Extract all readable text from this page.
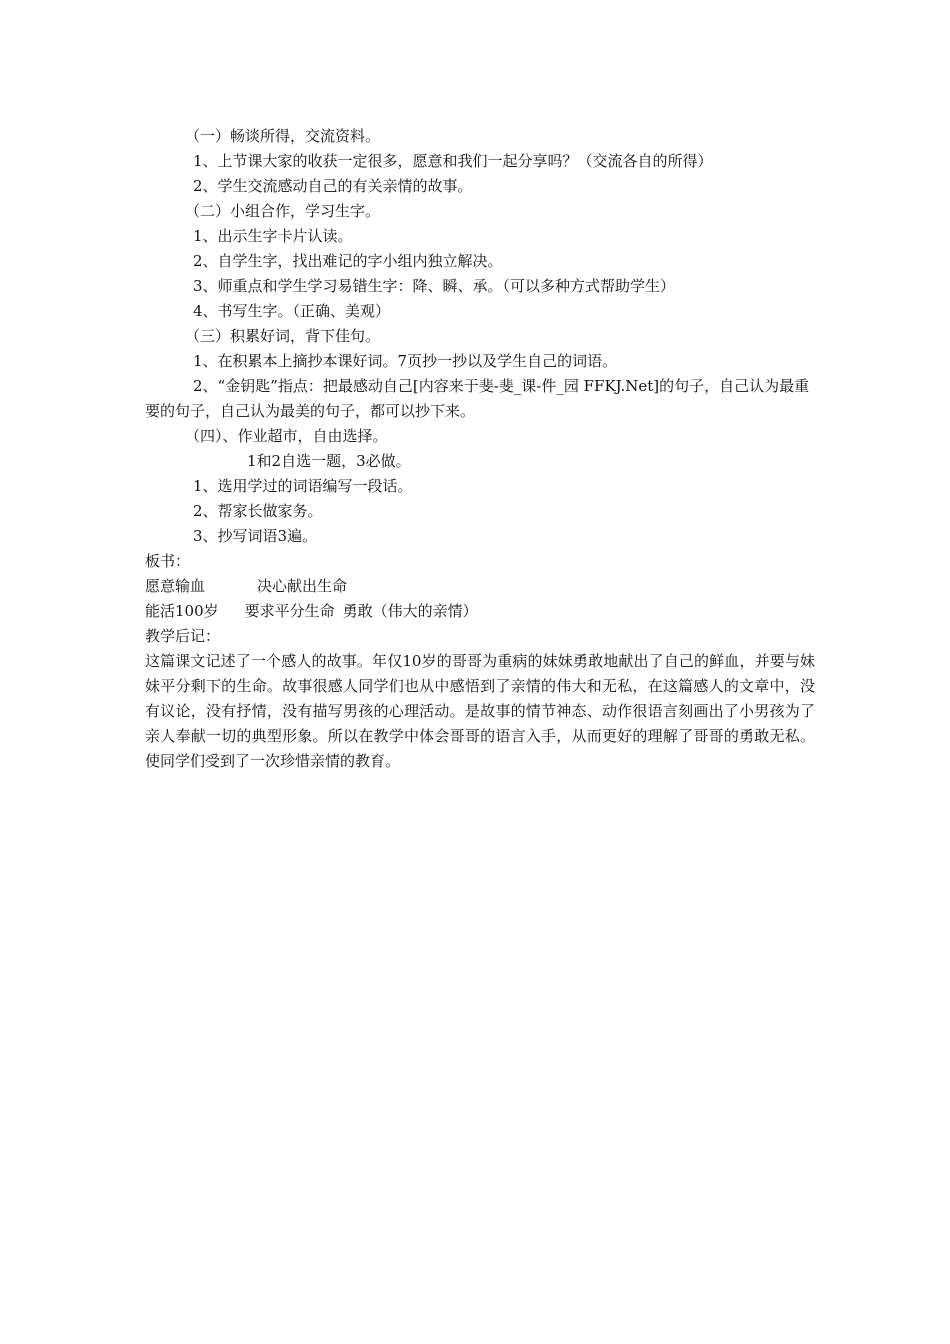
（一）畅谈所得，交流资料。
1、上节课大家的收获一定很多，愿意和我们一起分享吗？（交流各自的所得）
2、学生交流感动自己的有关亲情的故事。
（二）小组合作，学习生字。
1、出示生字卡片认读。
2、自学生字，找出难记的字小组内独立解决。
3、师重点和学生学习易错生字：降、瞬、承。（可以多种方式帮助学生）
4、书写生字。（正确、美观）
（三）积累好词，背下佳句。
1、在积累本上摘抄本课好词。7页抄一抄以及学生自己的词语。
2、“金钥匙”指点：把最感动自己[内容来于斐-斐_课-件_园 FFKJ.Net]的句子，自己认为最重要的句子，自己认为最美的句子，都可以抄下来。
（四）、作业超市，自由选择。
1和2自选一题，3必做。
1、选用学过的词语编写一段话。
2、帮家长做家务。
3、抄写词语3遍。
板书：
愿意输血	决心献出生命
能活100岁 要求平分生命 勇敢（伟大的亲情）
教学后记：
这篇课文记述了一个感人的故事。年仅10岁的哥哥为重病的妹妹勇敢地献出了自己的鲜血，并要与妹妹平分剩下的生命。故事很感人同学们也从中感悟到了亲情的伟大和无私，在这篇感人的文章中，没有议论，没有抒情，没有描写男孩的心理活动。是故事的情节神态、动作很语言刻画出了小男孩为了亲人奉献一切的典型形象。所以在教学中体会哥哥的语言入手，从而更好的理解了哥哥的勇敢无私。使同学们受到了一次珍惜亲情的教育。
